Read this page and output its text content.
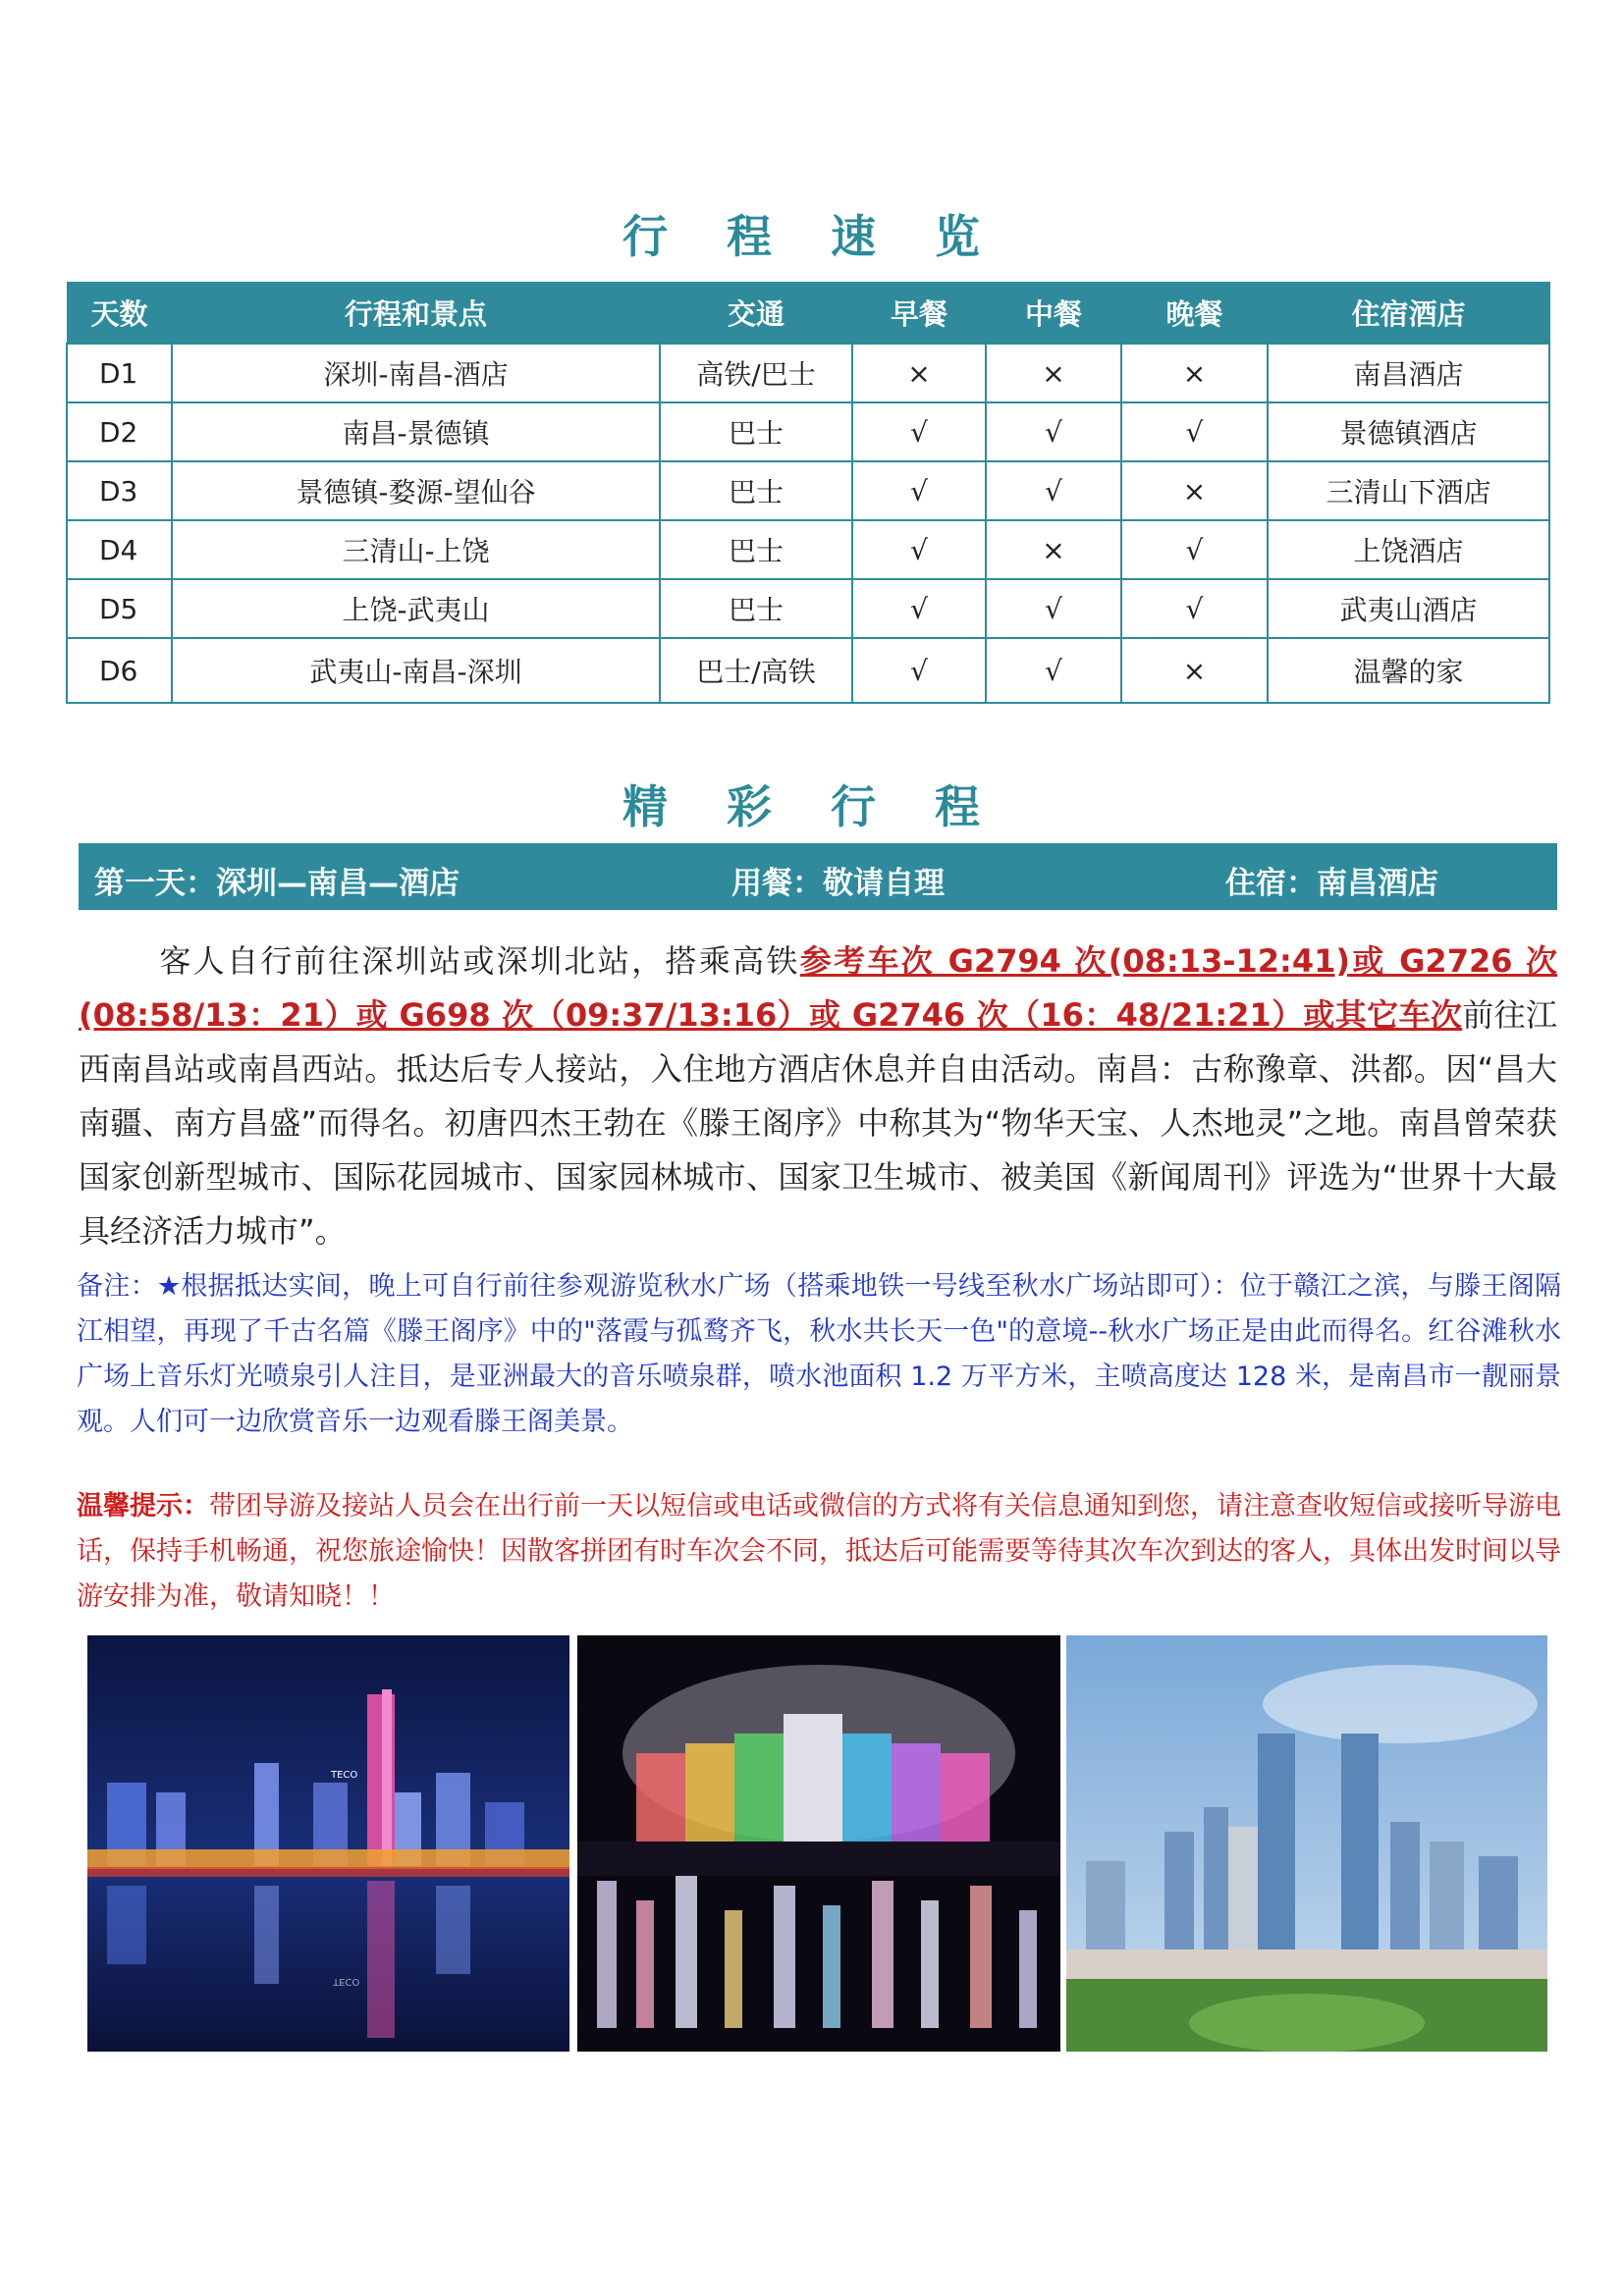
行 程 速 览
天数	行程和景点	交通	早餐	中餐	晚餐	住宿酒店
D1	深圳-南昌-酒店	高铁/巴士	×	×	×	南昌酒店
D2	南昌-景德镇	巴士	√	√	√	景德镇酒店
D3	景德镇-婺源-望仙谷	巴士	√	√	×	三清山下酒店
D4	三清山-上饶	巴士	√	×	√	上饶酒店
D5	上饶-武夷山	巴士	√	√	√	武夷山酒店
D6	武夷山-南昌-深圳	巴士/高铁	√	√	×	温馨的家
精 彩 行 程
第一天：深圳—南昌—酒店	用餐：敬请自理	住宿：南昌酒店
客人自行前往深圳站或深圳北站，搭乘高铁参考车次 G2794 次(08:13-12:41)或 G2726 次(08:58/13：21）或 G698 次（09:37/13:16）或 G2746 次（16：48/21:21）或其它车次前往江西南昌站或南昌西站。抵达后专人接站，入住地方酒店休息并自由活动。南昌：古称豫章、洪都。因“昌大南疆、南方昌盛”而得名。初唐四杰王勃在《滕王阁序》中称其为“物华天宝、人杰地灵”之地。南昌曾荣获国家创新型城市、国际花园城市、国家园林城市、国家卫生城市、被美国《新闻周刊》评选为“世界十大最具经济活力城市”。
备注：★根据抵达实间，晚上可自行前往参观游览秋水广场（搭乘地铁一号线至秋水广场站即可）：位于赣江之滨，与滕王阁隔江相望，再现了千古名篇《滕王阁序》中的"落霞与孤鹜齐飞，秋水共长天一色"的意境--秋水广场正是由此而得名。红谷滩秋水广场上音乐灯光喷泉引人注目，是亚洲最大的音乐喷泉群，喷水池面积 1.2 万平方米，主喷高度达 128 米，是南昌市一靓丽景观。人们可一边欣赏音乐一边观看滕王阁美景。
温馨提示：带团导游及接站人员会在出行前一天以短信或电话或微信的方式将有关信息通知到您，请注意查收短信或接听导游电话，保持手机畅通，祝您旅途愉快！因散客拼团有时车次会不同，抵达后可能需要等待其次车次到达的客人，具体出发时间以导游安排为准，敬请知晓！！
TECO
TECO
